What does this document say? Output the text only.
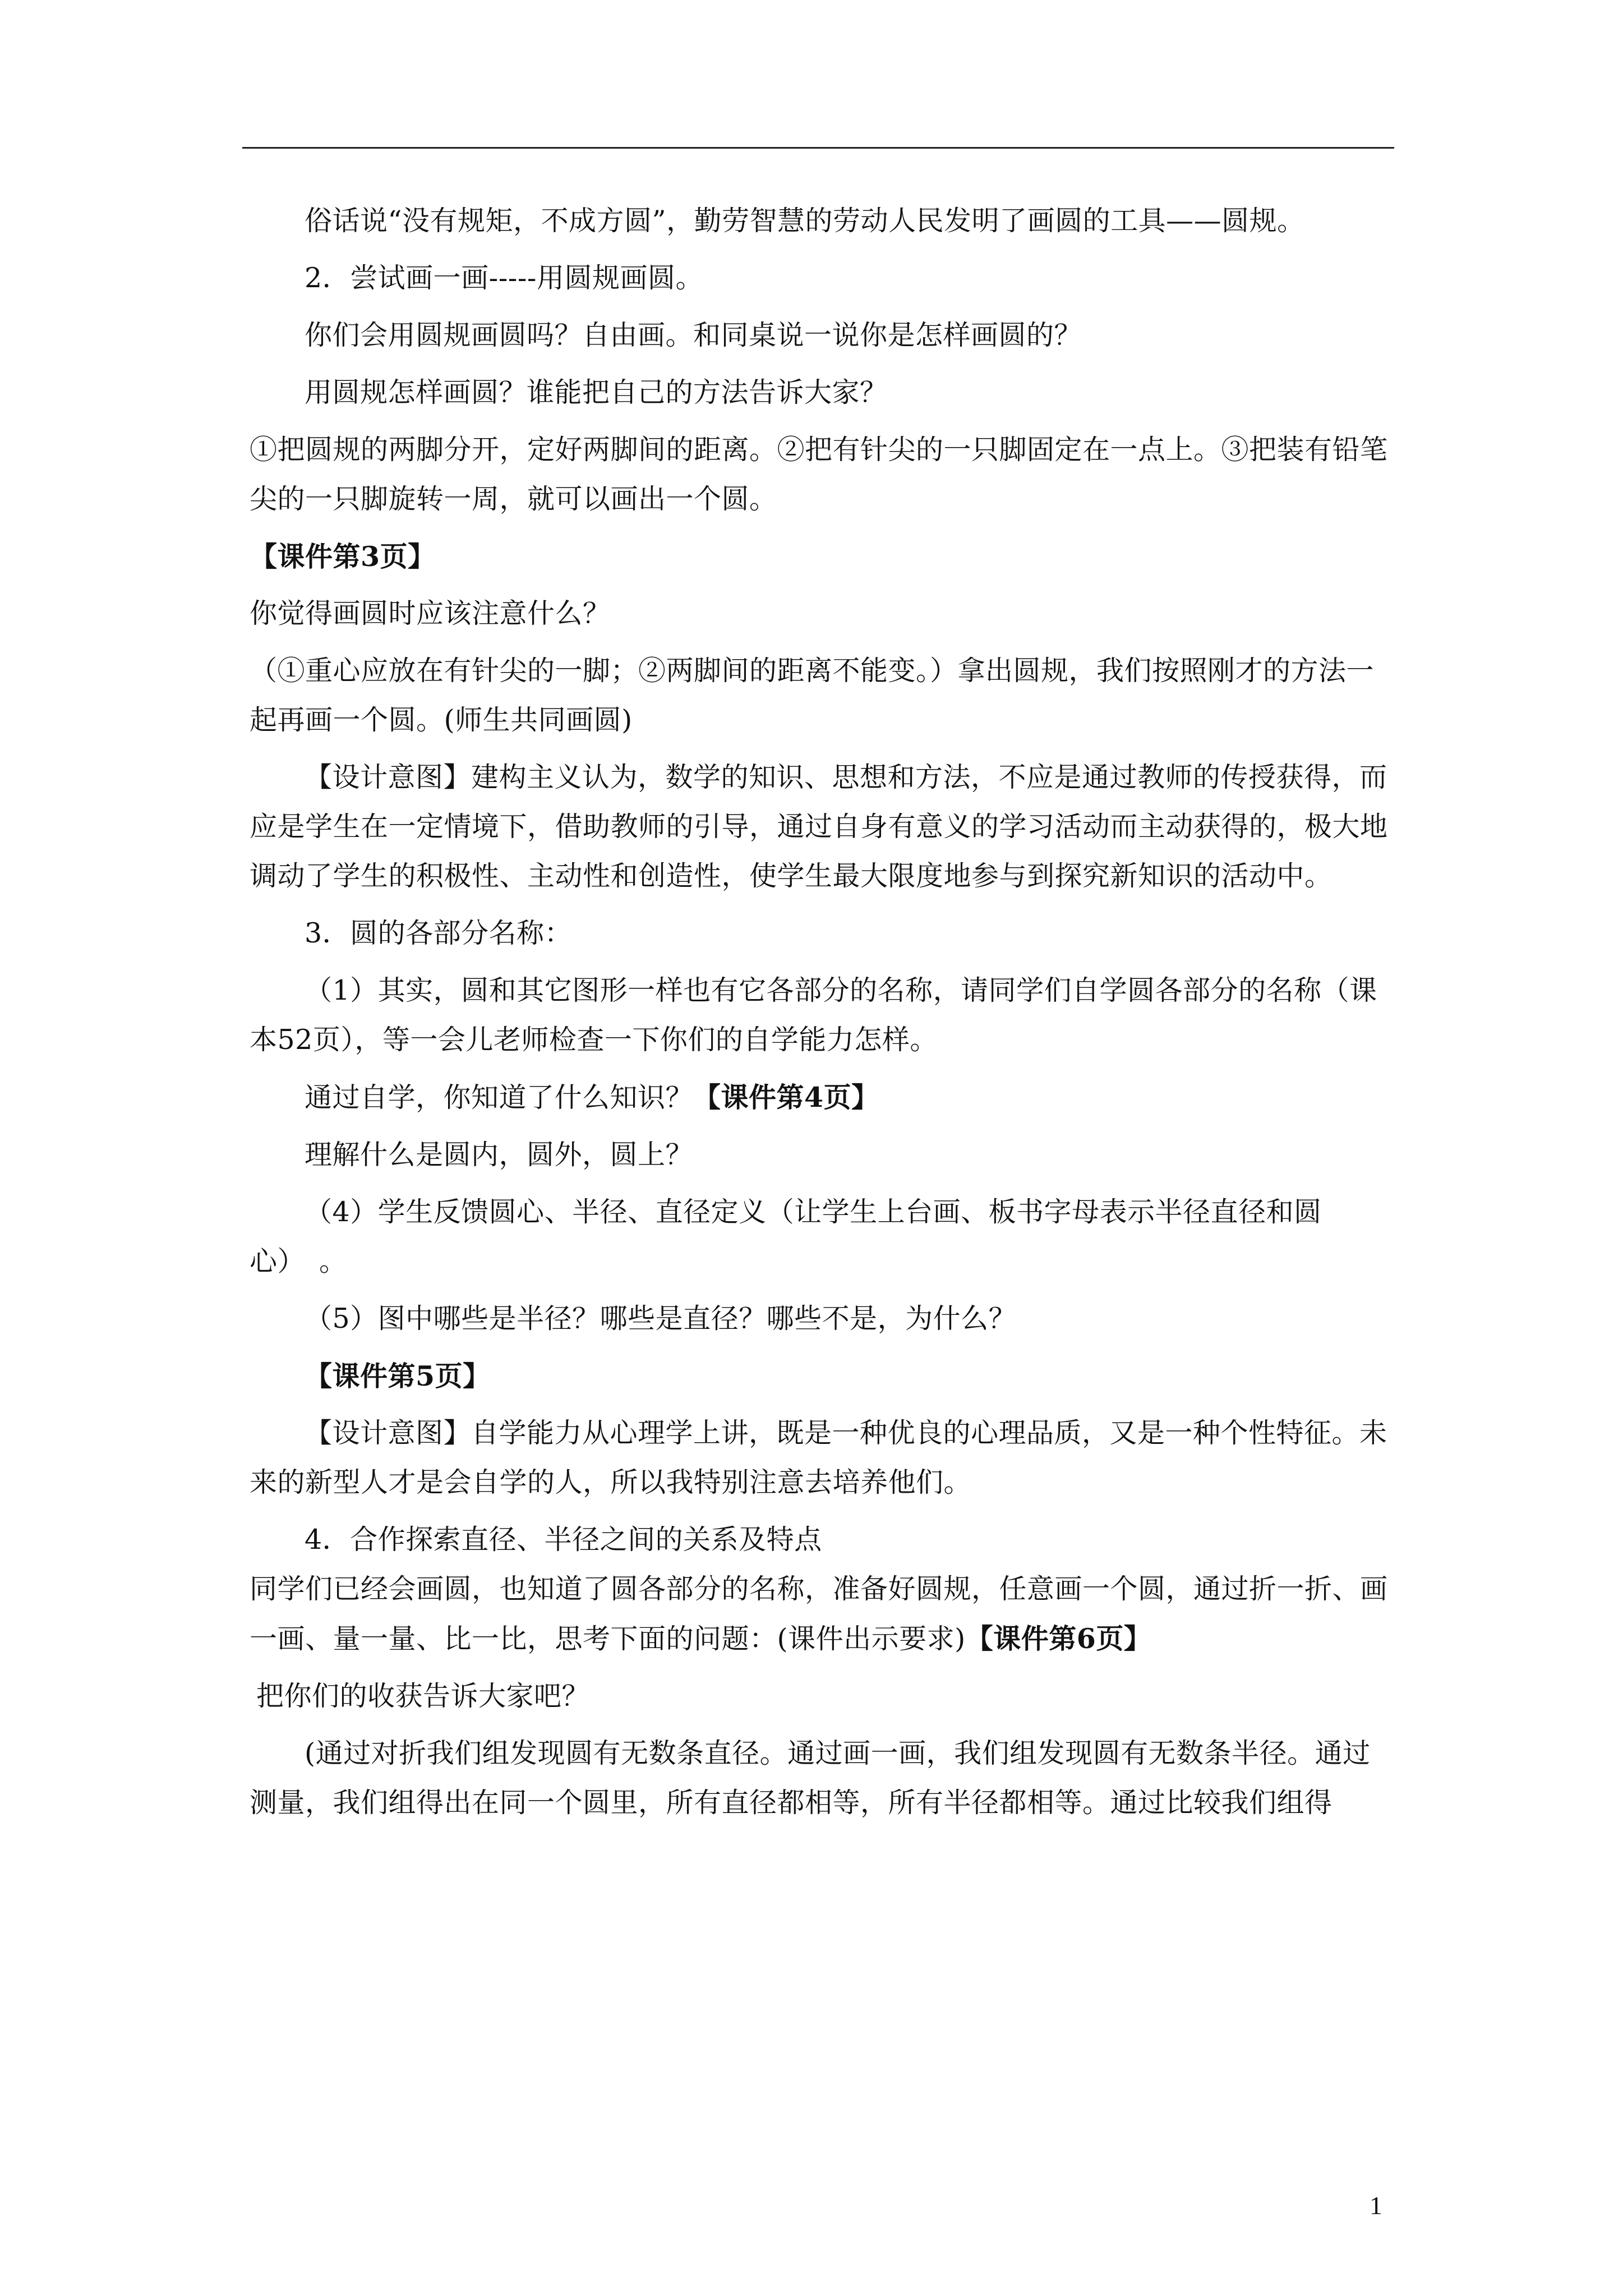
俗话说“没有规矩，不成方圆”，勤劳智慧的劳动人民发明了画圆的工具——圆规。

2．尝试画一画-----用圆规画圆。

你们会用圆规画圆吗？自由画。和同桌说一说你是怎样画圆的？

用圆规怎样画圆？谁能把自己的方法告诉大家？

①把圆规的两脚分开，定好两脚间的距离。②把有针尖的一只脚固定在一点上。③把装有铅笔尖的一只脚旋转一周，就可以画出一个圆。

【课件第3页】

你觉得画圆时应该注意什么？

（①重心应放在有针尖的一脚；②两脚间的距离不能变。）拿出圆规，我们按照刚才的方法一起再画一个圆。(师生共同画圆)

【设计意图】建构主义认为，数学的知识、思想和方法，不应是通过教师的传授获得，而应是学生在一定情境下，借助教师的引导，通过自身有意义的学习活动而主动获得的，极大地调动了学生的积极性、主动性和创造性，使学生最大限度地参与到探究新知识的活动中。

3．圆的各部分名称：

（1）其实，圆和其它图形一样也有它各部分的名称，请同学们自学圆各部分的名称（课本52页），等一会儿老师检查一下你们的自学能力怎样。

通过自学，你知道了什么知识？【课件第4页】

理解什么是圆内，圆外，圆上？

（4）学生反馈圆心、半径、直径定义（让学生上台画、板书字母表示半径直径和圆心）　。

（5）图中哪些是半径？哪些是直径？哪些不是，为什么？

【课件第5页】

【设计意图】自学能力从心理学上讲，既是一种优良的心理品质，又是一种个性特征。未来的新型人才是会自学的人，所以我特别注意去培养他们。

4．合作探索直径、半径之间的关系及特点

同学们已经会画圆，也知道了圆各部分的名称，准备好圆规，任意画一个圆，通过折一折、画一画、量一量、比一比，思考下面的问题：(课件出示要求)【课件第6页】

把你们的收获告诉大家吧？

(通过对折我们组发现圆有无数条直径。通过画一画，我们组发现圆有无数条半径。通过测量，我们组得出在同一个圆里，所有直径都相等，所有半径都相等。通过比较我们组得

1
